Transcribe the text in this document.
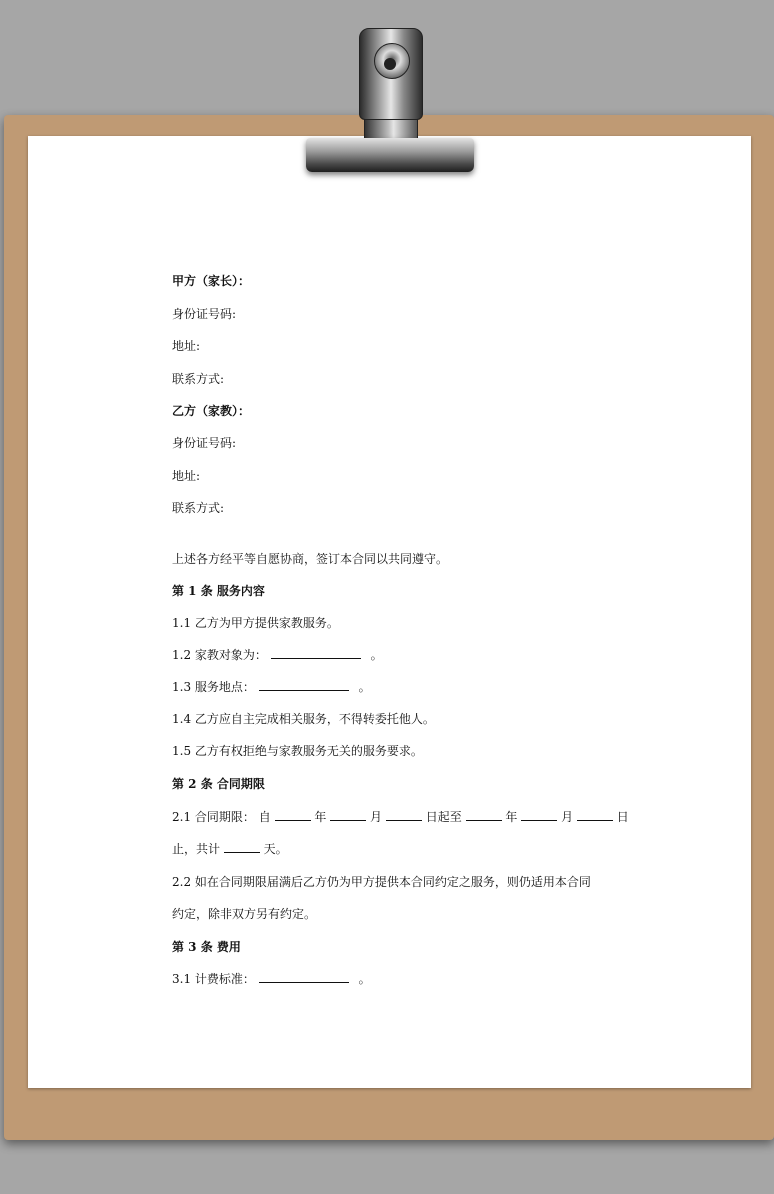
甲方（家长）：
身份证号码:
地址:
联系方式:
乙方（家教）：
身份证号码:
地址:
联系方式:
上述各方经平等自愿协商，签订本合同以共同遵守。
第 1 条 服务内容
1.1 乙方为甲方提供家教服务。
1.2 家教对象为：	。
1.3 服务地点：	。
1.4 乙方应自主完成相关服务，不得转委托他人。
1.5 乙方有权拒绝与家教服务无关的服务要求。
第 2 条 合同期限
2.1 合同期限： 自	年	月	日起至	年	月	日
止，共计	天。
2.2 如在合同期限届满后乙方仍为甲方提供本合同约定之服务，则仍适用本合同
约定，除非双方另有约定。
第 3 条 费用
3.1 计费标准：	。
